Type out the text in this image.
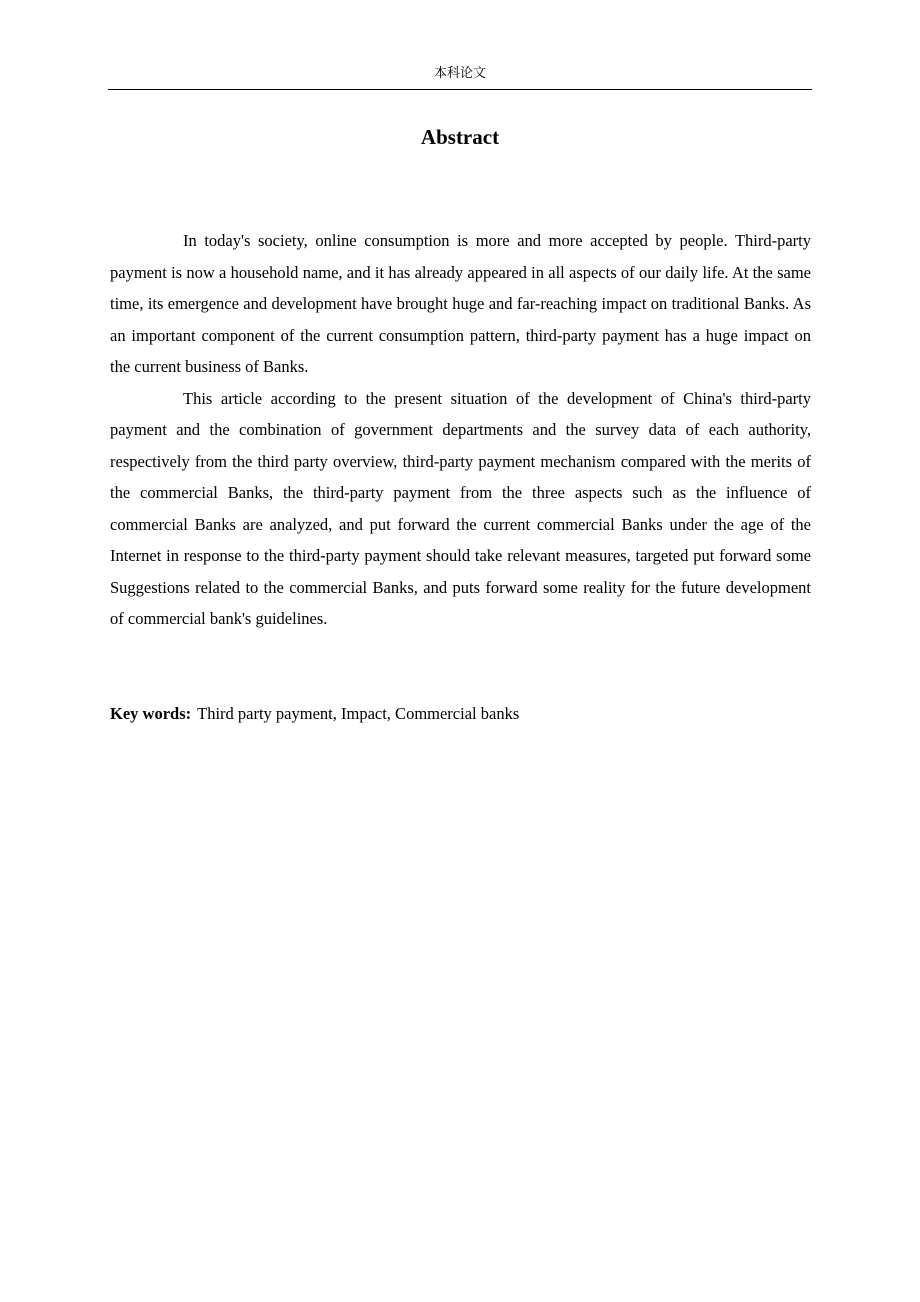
本科论文
Abstract

In today's society, online consumption is more and more accepted by people. Third-party payment is now a household name, and it has already appeared in all aspects of our daily life. At the same time, its emergence and development have brought huge and far-reaching impact on traditional Banks. As an important component of the current consumption pattern, third-party payment has a huge impact on the current business of Banks.

This article according to the present situation of the development of China's third-party payment and the combination of government departments and the survey data of each authority, respectively from the third party overview, third-party payment mechanism compared with the merits of the commercial Banks, the third-party payment from the three aspects such as the influence of commercial Banks are analyzed, and put forward the current commercial Banks under the age of the Internet in response to the third-party payment should take relevant measures, targeted put forward some Suggestions related to the commercial Banks, and puts forward some reality for the future development of commercial bank's guidelines.

Key words: Third party payment, Impact, Commercial banks
